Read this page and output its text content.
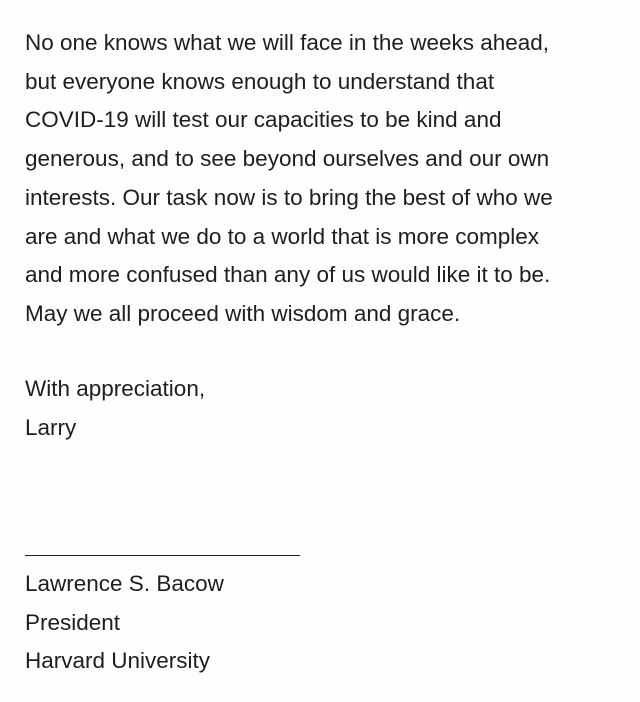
No one knows what we will face in the weeks ahead,
but everyone knows enough to understand that
COVID-19 will test our capacities to be kind and
generous, and to see beyond ourselves and our own
interests. Our task now is to bring the best of who we
are and what we do to a world that is more complex
and more confused than any of us would like it to be.
May we all proceed with wisdom and grace.

With appreciation,
Larry

Lawrence S. Bacow
President
Harvard University
